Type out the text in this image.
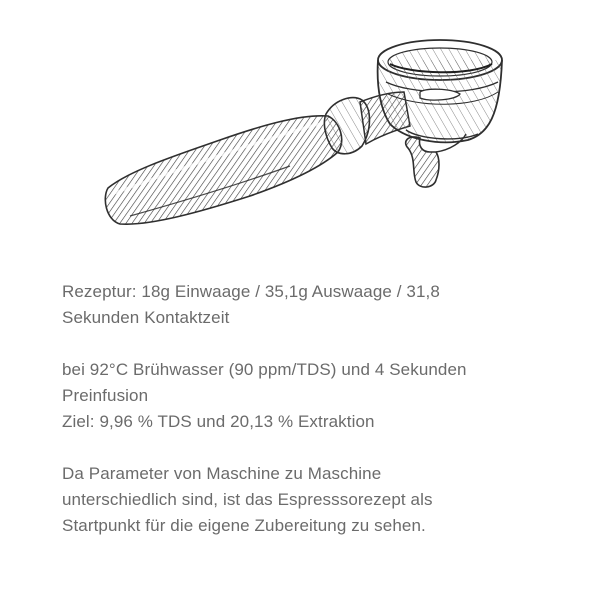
Rezeptur: 18g Einwaage / 35,1g Auswaage / 31,8

Sekunden Kontaktzeit

bei 92°C Brühwasser (90 ppm/TDS) und 4 Sekunden

Preinfusion

Ziel: 9,96 % TDS und 20,13 % Extraktion

Da Parameter von Maschine zu Maschine

unterschiedlich sind, ist das Espresssorezept als

Startpunkt für die eigene Zubereitung zu sehen.
